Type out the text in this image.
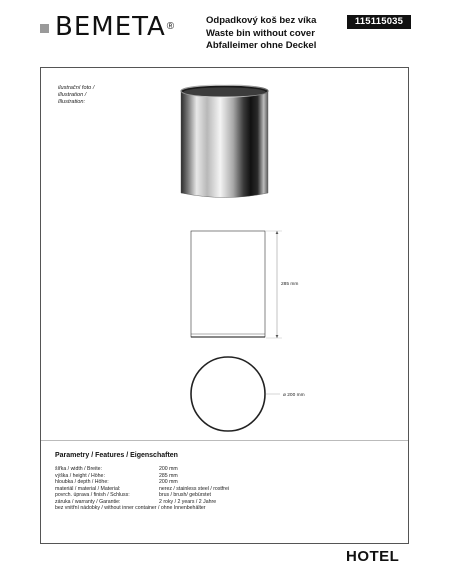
BEMETA ®
Odpadkový koš bez víka
Waste bin without cover
Abfalleimer ohne Deckel
115115035
ilustrační foto /
illustration /
Illustration:
Parametry / Features / Eigenschaften
šířka / width / Breite:	200 mm
výška / height / Höhe:	285 mm
hloubka / depth / Höhe:	200 mm
materiál / material / Material:	nerez / stainless steel / rostfrei
povrch. úprava / finish / Schluss:	brus / brush/ gebürstet
záruka / warranty / Garantie:	2 roky / 2 years / 2 Jahre
bez vnitřní nádobky / without inner container / ohne Innenbehälter
285 mm
ø 200 mm
HOTEL
